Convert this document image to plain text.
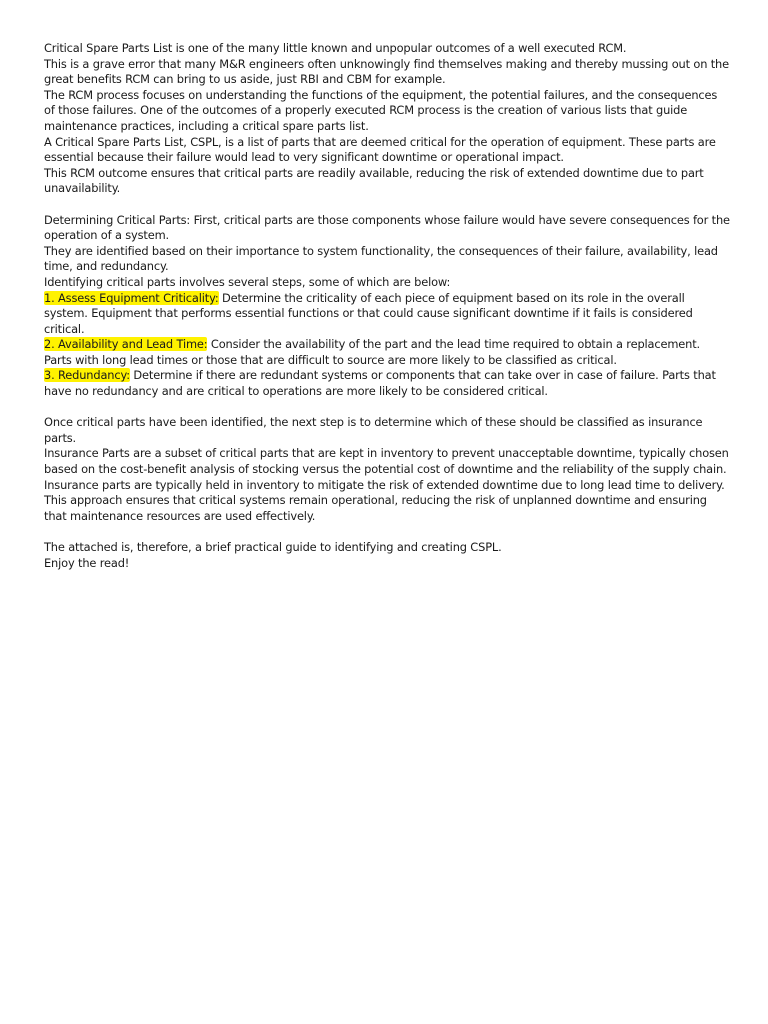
Critical Spare Parts List is one of the many little known and unpopular outcomes of a well executed RCM.

This is a grave error that many M&R engineers often unknowingly find themselves making and thereby mussing out on the great benefits RCM can bring to us aside, just RBI and CBM for example.

The RCM process focuses on understanding the functions of the equipment, the potential failures, and the consequences of those failures. One of the outcomes of a properly executed RCM process is the creation of various lists that guide maintenance practices, including a critical spare parts list.

A Critical Spare Parts List, CSPL, is a list of parts that are deemed critical for the operation of equipment. These parts are essential because their failure would lead to very significant downtime or operational impact.

This RCM outcome ensures that critical parts are readily available, reducing the risk of extended downtime due to part unavailability.

Determining Critical Parts: First, critical parts are those components whose failure would have severe consequences for the operation of a system.

They are identified based on their importance to system functionality, the consequences of their failure, availability, lead time, and redundancy.

Identifying critical parts involves several steps, some of which are below:

1. Assess Equipment Criticality: Determine the criticality of each piece of equipment based on its role in the overall system. Equipment that performs essential functions or that could cause significant downtime if it fails is considered critical.

2. Availability and Lead Time: Consider the availability of the part and the lead time required to obtain a replacement. Parts with long lead times or those that are difficult to source are more likely to be classified as critical.

3. Redundancy: Determine if there are redundant systems or components that can take over in case of failure. Parts that have no redundancy and are critical to operations are more likely to be considered critical.

Once critical parts have been identified, the next step is to determine which of these should be classified as insurance parts.

Insurance Parts are a subset of critical parts that are kept in inventory to prevent unacceptable downtime, typically chosen based on the cost-benefit analysis of stocking versus the potential cost of downtime and the reliability of the supply chain.

Insurance parts are typically held in inventory to mitigate the risk of extended downtime due to long lead time to delivery.

This approach ensures that critical systems remain operational, reducing the risk of unplanned downtime and ensuring that maintenance resources are used effectively.

The attached is, therefore, a brief practical guide to identifying and creating CSPL.

Enjoy the read!
